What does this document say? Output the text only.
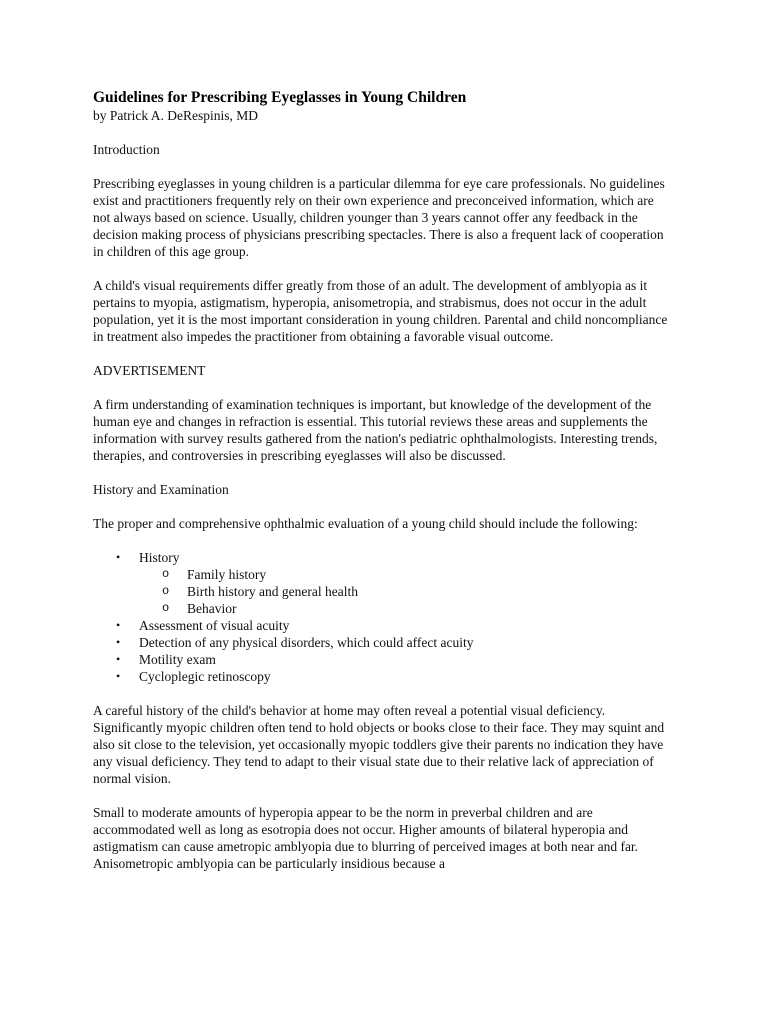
Guidelines for Prescribing Eyeglasses in Young Children
by Patrick A. DeRespinis, MD
Introduction

Prescribing eyeglasses in young children is a particular dilemma for eye care professionals. No guidelines exist and practitioners frequently rely on their own experience and preconceived information, which are not always based on science. Usually, children younger than 3 years cannot offer any feedback in the decision making process of physicians prescribing spectacles. There is also a frequent lack of cooperation in children of this age group.

A child's visual requirements differ greatly from those of an adult. The development of amblyopia as it pertains to myopia, astigmatism, hyperopia, anisometropia, and strabismus, does not occur in the adult population, yet it is the most important consideration in young children. Parental and child noncompliance in treatment also impedes the practitioner from obtaining a favorable visual outcome.

ADVERTISEMENT

A firm understanding of examination techniques is important, but knowledge of the development of the human eye and changes in refraction is essential. This tutorial reviews these areas and supplements the information with survey results gathered from the nation's pediatric ophthalmologists. Interesting trends, therapies, and controversies in prescribing eyeglasses will also be discussed.

History and Examination

The proper and comprehensive ophthalmic evaluation of a young child should include the following:

• History
o Family history
o Birth history and general health
o Behavior
• Assessment of visual acuity
• Detection of any physical disorders, which could affect acuity
• Motility exam
• Cycloplegic retinoscopy

A careful history of the child's behavior at home may often reveal a potential visual deficiency. Significantly myopic children often tend to hold objects or books close to their face. They may squint and also sit close to the television, yet occasionally myopic toddlers give their parents no indication they have any visual deficiency. They tend to adapt to their visual state due to their relative lack of appreciation of normal vision.

Small to moderate amounts of hyperopia appear to be the norm in preverbal children and are accommodated well as long as esotropia does not occur. Higher amounts of bilateral hyperopia and astigmatism can cause ametropic amblyopia due to blurring of perceived images at both near and far. Anisometropic amblyopia can be particularly insidious because a
